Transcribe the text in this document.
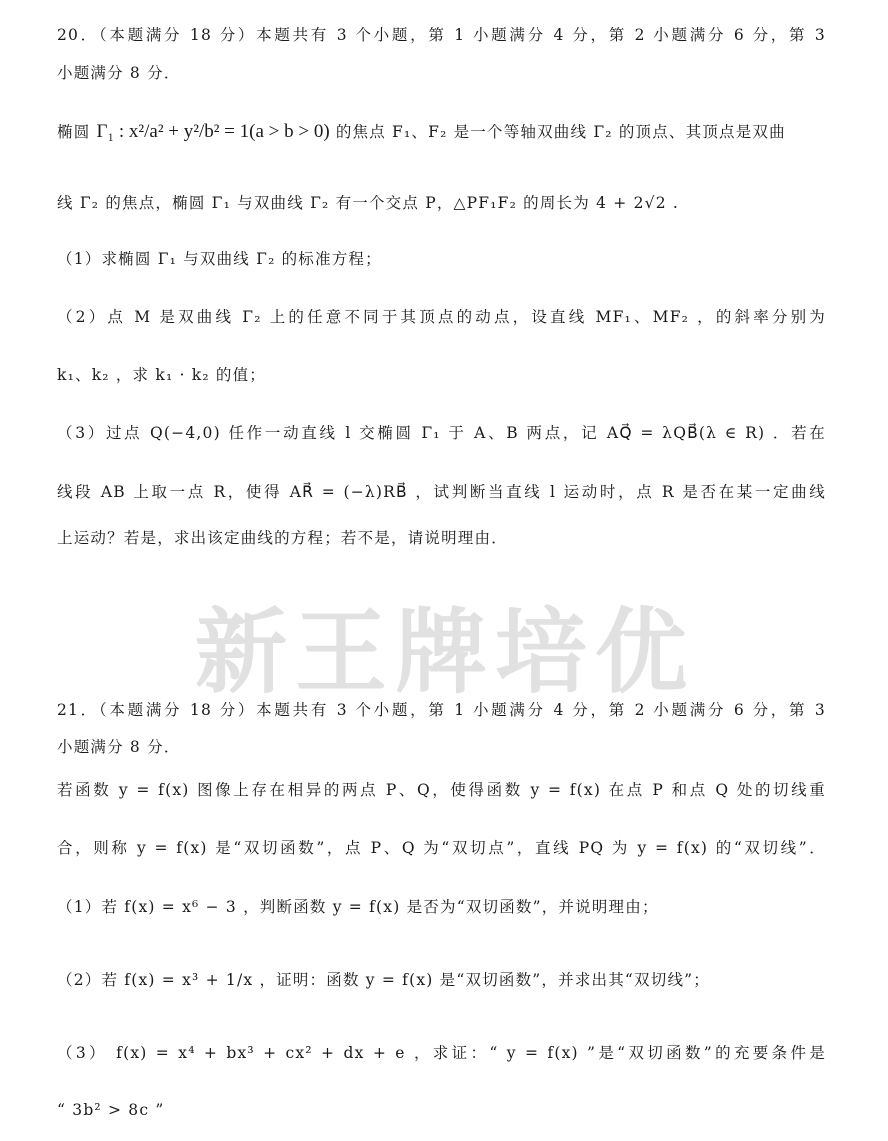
新王牌培优
20．（本题满分 18 分）本题共有 3 个小题，第 1 小题满分 4 分，第 2 小题满分 6 分，第 3
小题满分 8 分．
椭圆 Γ₁ : x²/a² + y²/b² = 1(a > b > 0) 的焦点 F₁、F₂ 是一个等轴双曲线 Γ₂ 的顶点、其顶点是双曲
线 Γ₂ 的焦点，椭圆 Γ₁ 与双曲线 Γ₂ 有一个交点 P，△PF₁F₂ 的周长为 4 + 2√2 .
（1）求椭圆 Γ₁ 与双曲线 Γ₂ 的标准方程；
（2）点 M 是双曲线 Γ₂ 上的任意不同于其顶点的动点，设直线 MF₁、MF₂ ，的斜率分别为
k₁、k₂ ，求 k₁ · k₂ 的值；
（3）过点 Q(−4,0) 任作一动直线 l 交椭圆 Γ₁ 于 A、B 两点，记 AQ⃗ = λQB⃗(λ ∈ R) ．若在
线段 AB 上取一点 R，使得 AR⃗ = (−λ)RB⃗ ，试判断当直线 l 运动时，点 R 是否在某一定曲线
上运动？若是，求出该定曲线的方程；若不是，请说明理由．
21．（本题满分 18 分）本题共有 3 个小题，第 1 小题满分 4 分，第 2 小题满分 6 分，第 3
小题满分 8 分．
若函数 y = f(x) 图像上存在相异的两点 P、Q，使得函数 y = f(x) 在点 P 和点 Q 处的切线重
合，则称 y = f(x) 是“双切函数”，点 P、Q 为“双切点”，直线 PQ 为 y = f(x) 的“双切线”．
（1）若 f(x) = x⁶ − 3 ，判断函数 y = f(x) 是否为“双切函数”，并说明理由；
（2）若 f(x) = x³ + 1/x ，证明：函数 y = f(x) 是“双切函数”，并求出其“双切线”；
（3） f(x) = x⁴ + bx³ + cx² + dx + e ，求证：“ y = f(x) ”是“双切函数”的充要条件是
“ 3b² > 8c ”
